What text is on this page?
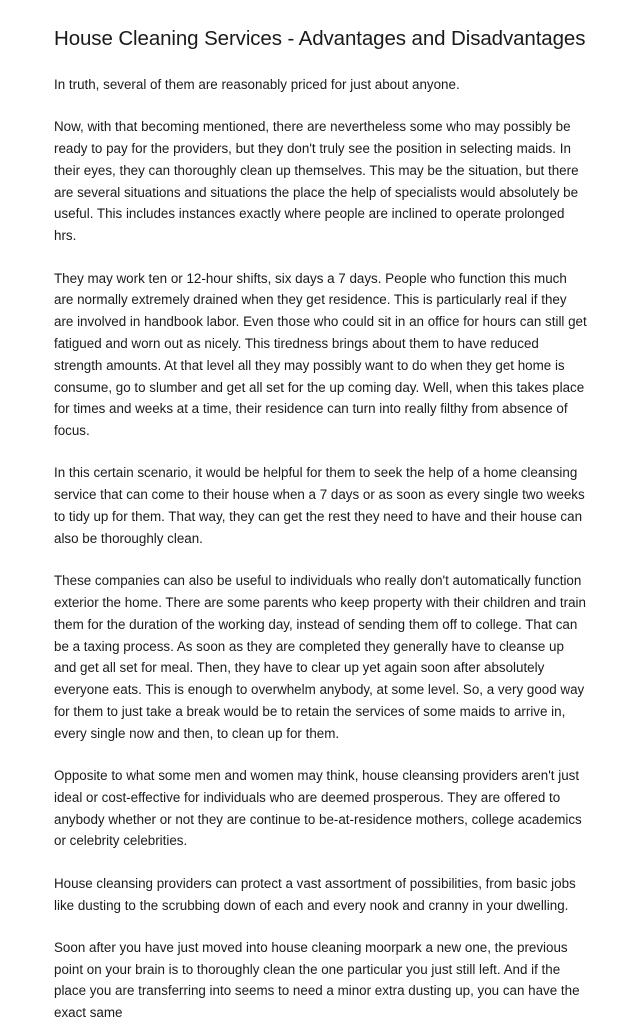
House Cleaning Services - Advantages and Disadvantages

In truth, several of them are reasonably priced for just about anyone.

Now, with that becoming mentioned, there are nevertheless some who may possibly be ready to pay for the providers, but they don't truly see the position in selecting maids. In their eyes, they can thoroughly clean up themselves. This may be the situation, but there are several situations and situations the place the help of specialists would absolutely be useful. This includes instances exactly where people are inclined to operate prolonged hrs.

They may work ten or 12-hour shifts, six days a 7 days. People who function this much are normally extremely drained when they get residence. This is particularly real if they are involved in handbook labor. Even those who could sit in an office for hours can still get fatigued and worn out as nicely. This tiredness brings about them to have reduced strength amounts. At that level all they may possibly want to do when they get home is consume, go to slumber and get all set for the up coming day. Well, when this takes place for times and weeks at a time, their residence can turn into really filthy from absence of focus.

In this certain scenario, it would be helpful for them to seek the help of a home cleansing service that can come to their house when a 7 days or as soon as every single two weeks to tidy up for them. That way, they can get the rest they need to have and their house can also be thoroughly clean.

These companies can also be useful to individuals who really don't automatically function exterior the home. There are some parents who keep property with their children and train them for the duration of the working day, instead of sending them off to college. That can be a taxing process. As soon as they are completed they generally have to cleanse up and get all set for meal. Then, they have to clear up yet again soon after absolutely everyone eats. This is enough to overwhelm anybody, at some level. So, a very good way for them to just take a break would be to retain the services of some maids to arrive in, every single now and then, to clean up for them.

Opposite to what some men and women may think, house cleansing providers aren't just ideal or cost-effective for individuals who are deemed prosperous. They are offered to anybody whether or not they are continue to be-at-residence mothers, college academics or celebrity celebrities.

House cleansing providers can protect a vast assortment of possibilities, from basic jobs like dusting to the scrubbing down of each and every nook and cranny in your dwelling.

Soon after you have just moved into house cleaning moorpark a new one, the previous point on your brain is to thoroughly clean the one particular you just still left. And if the place you are transferring into seems to need a minor extra dusting up, you can have the exact same
